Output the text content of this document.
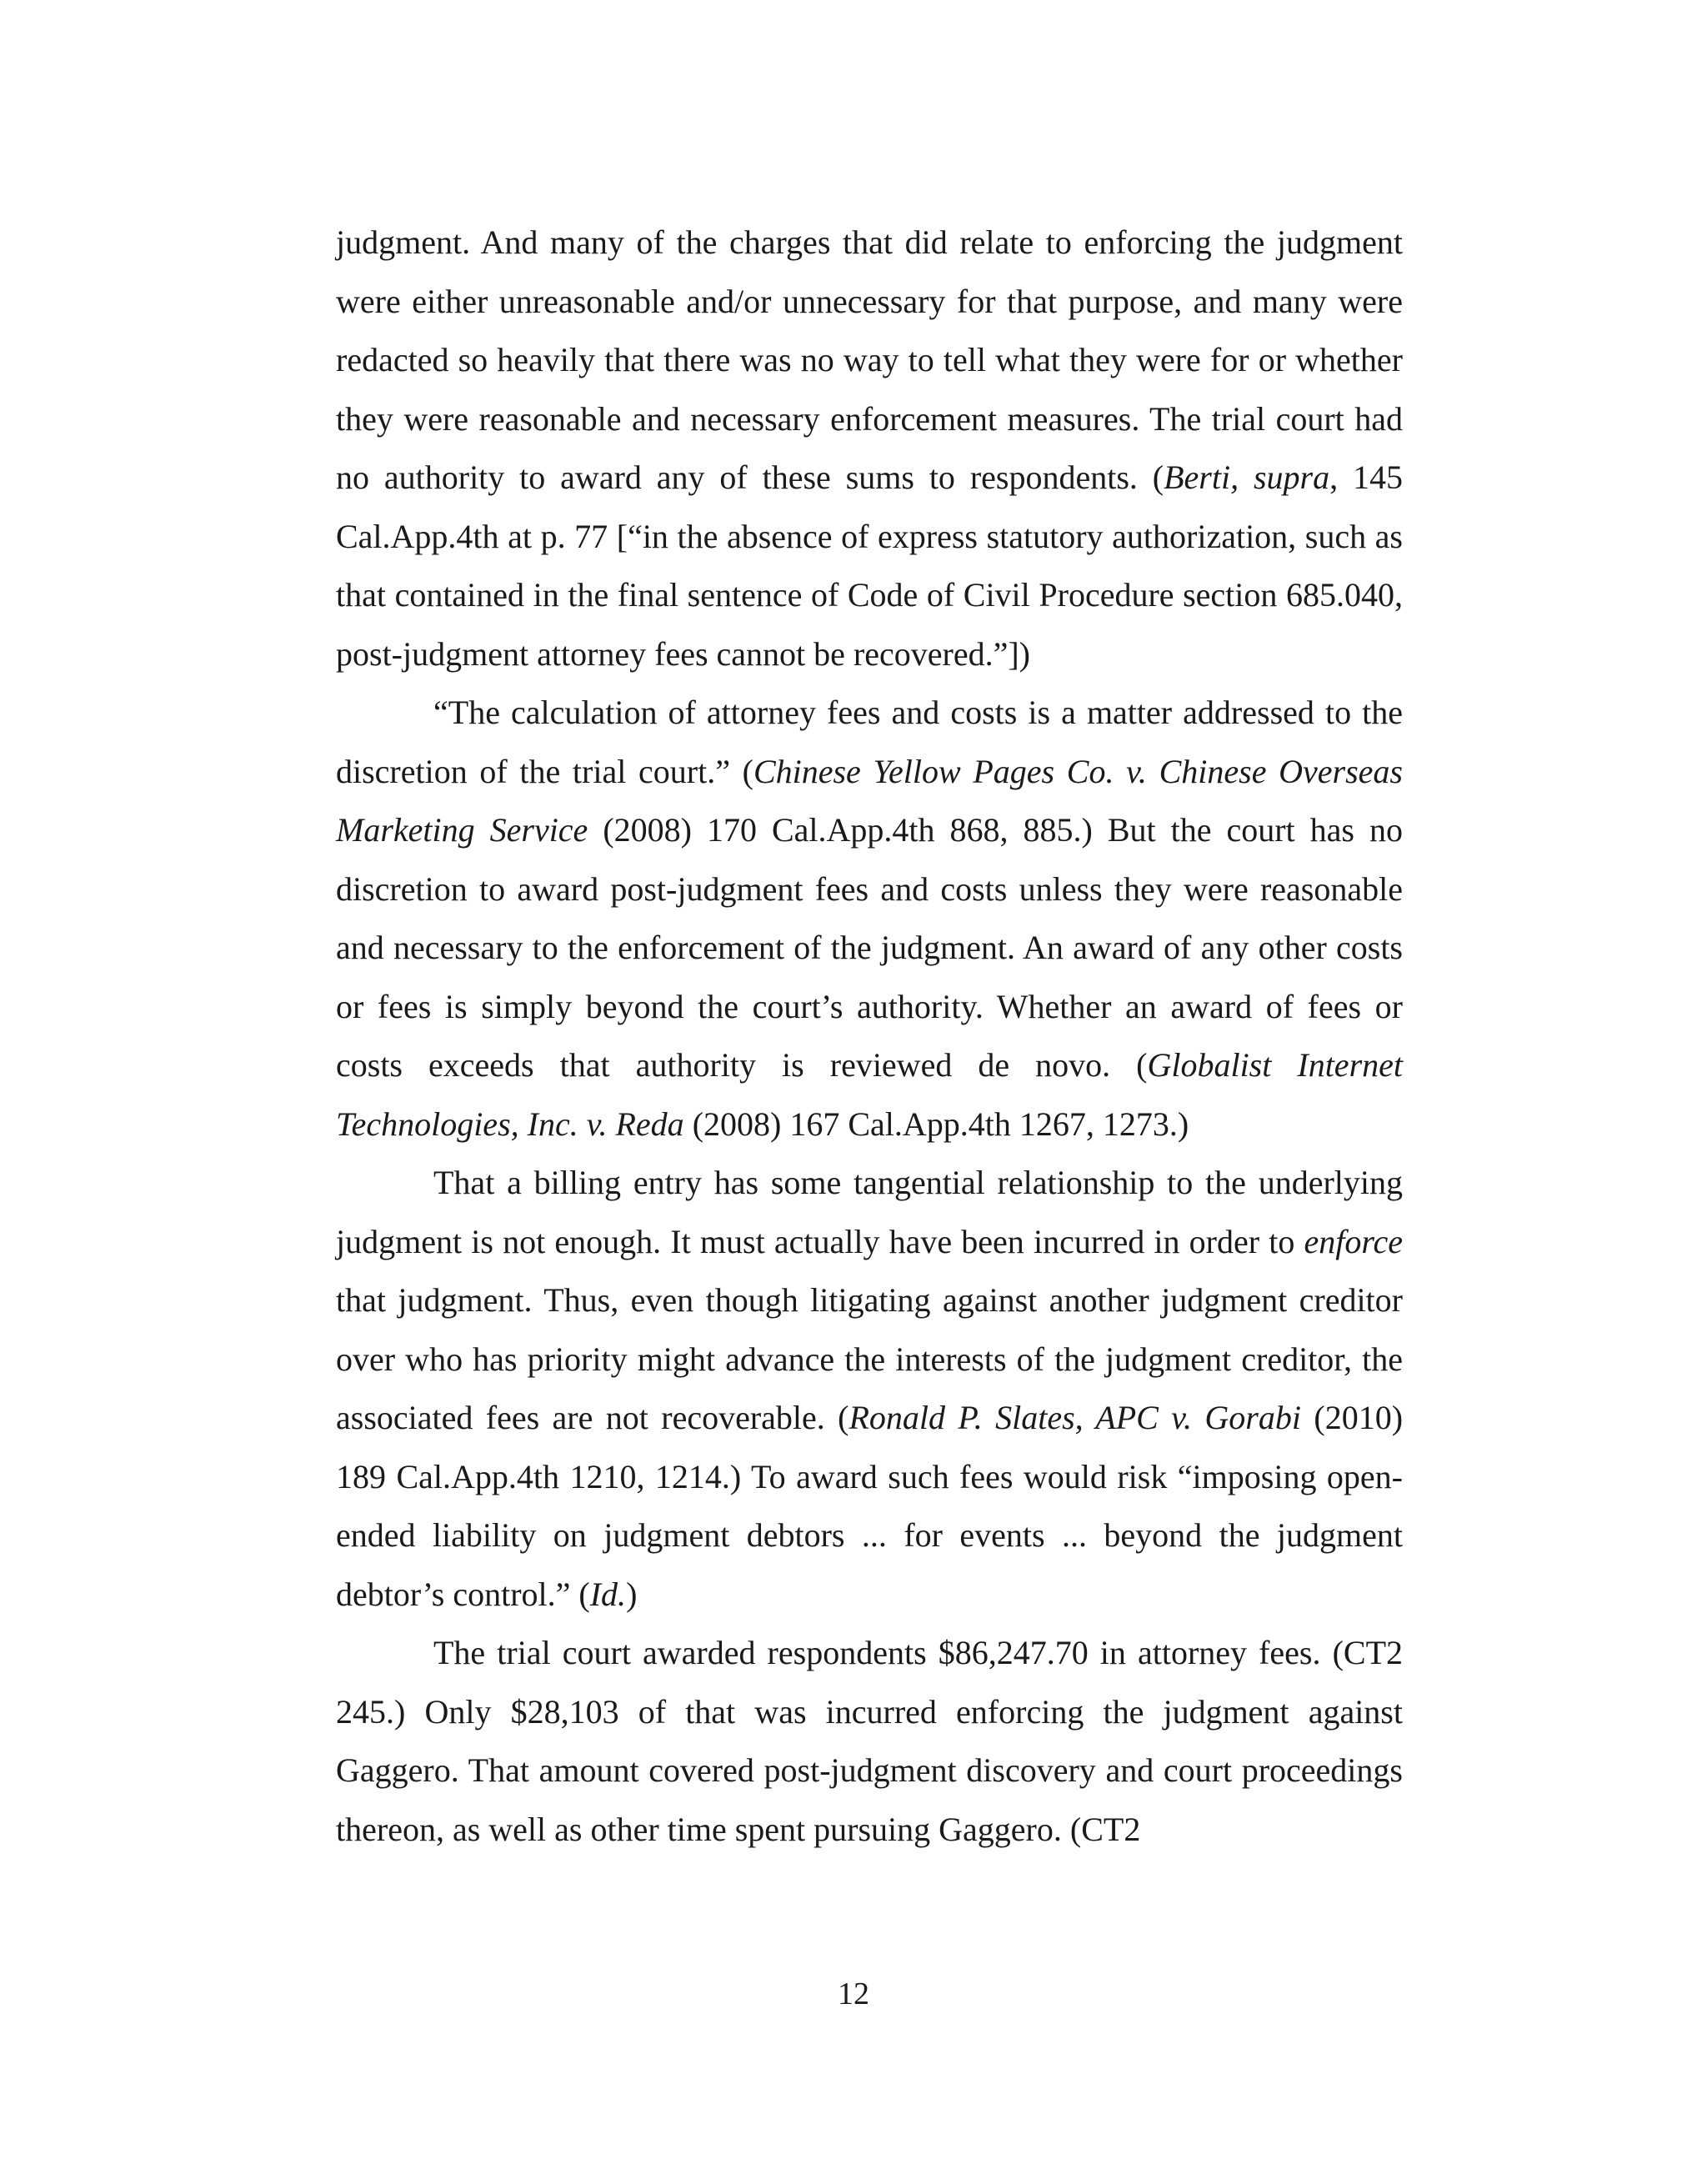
judgment. And many of the charges that did relate to enforcing the judgment were either unreasonable and/or unnecessary for that purpose, and many were redacted so heavily that there was no way to tell what they were for or whether they were reasonable and necessary enforcement measures. The trial court had no authority to award any of these sums to respondents. (Berti, supra, 145 Cal.App.4th at p. 77 [“in the absence of express statutory authorization, such as that contained in the final sentence of Code of Civil Procedure section 685.040, post-judgment attorney fees cannot be recovered.”])

“The calculation of attorney fees and costs is a matter addressed to the discretion of the trial court.” (Chinese Yellow Pages Co. v. Chinese Overseas Marketing Service (2008) 170 Cal.App.4th 868, 885.) But the court has no discretion to award post-judgment fees and costs unless they were reasonable and necessary to the enforcement of the judgment. An award of any other costs or fees is simply beyond the court’s authority. Whether an award of fees or costs exceeds that authority is reviewed de novo. (Globalist Internet Technologies, Inc. v. Reda (2008) 167 Cal.App.4th 1267, 1273.)

That a billing entry has some tangential relationship to the underlying judgment is not enough. It must actually have been incurred in order to enforce that judgment. Thus, even though litigating against another judgment creditor over who has priority might advance the interests of the judgment creditor, the associated fees are not recoverable. (Ronald P. Slates, APC v. Gorabi (2010) 189 Cal.App.4th 1210, 1214.) To award such fees would risk “imposing open-ended liability on judgment debtors ... for events ... beyond the judgment debtor’s control.” (Id.)

The trial court awarded respondents $86,247.70 in attorney fees. (CT2 245.) Only $28,103 of that was incurred enforcing the judgment against Gaggero. That amount covered post-judgment discovery and court proceedings thereon, as well as other time spent pursuing Gaggero. (CT2

12
